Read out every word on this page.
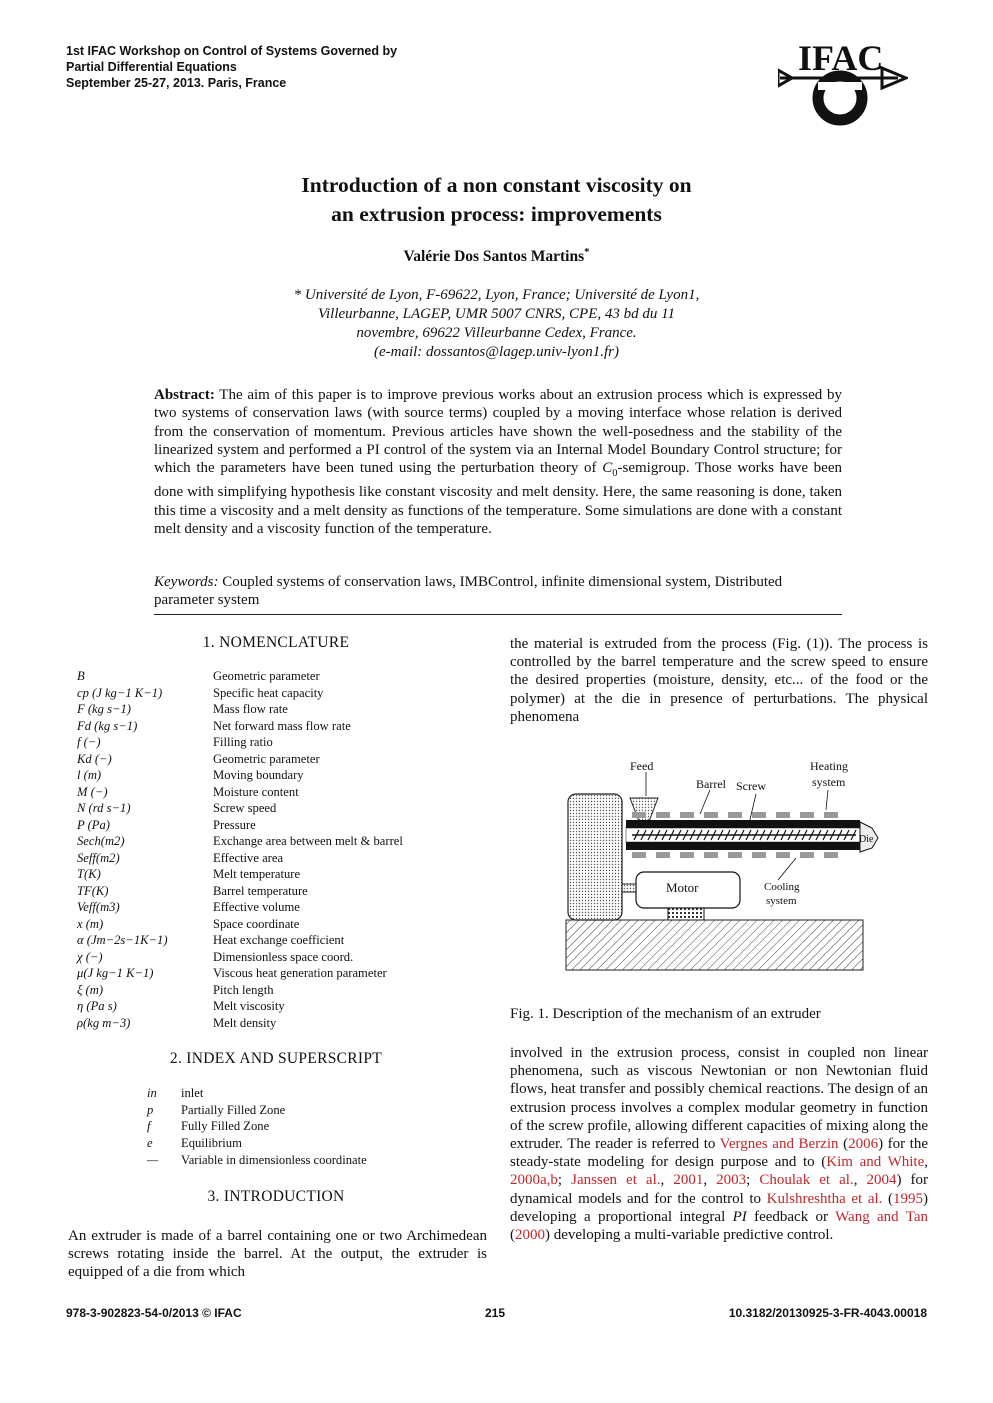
1st IFAC Workshop on Control of Systems Governed by
Partial Differential Equations
September 25-27, 2013. Paris, France
IFAC
Introduction of a non constant viscosity on
an extrusion process: improvements
Valérie Dos Santos Martins*
* Université de Lyon, F-69622, Lyon, France; Université de Lyon1,
Villeurbanne, LAGEP, UMR 5007 CNRS, CPE, 43 bd du 11
novembre, 69622 Villeurbanne Cedex, France.
(e-mail: dossantos@lagep.univ-lyon1.fr)
Abstract: The aim of this paper is to improve previous works about an extrusion process which is expressed by two systems of conservation laws (with source terms) coupled by a moving interface whose relation is derived from the conservation of momentum. Previous articles have shown the well-posedness and the stability of the linearized system and performed a PI control of the system via an Internal Model Boundary Control structure; for which the parameters have been tuned using the perturbation theory of $C_0$-semigroup. Those works have been done with simplifying hypothesis like constant viscosity and melt density. Here, the same reasoning is done, taken this time a viscosity and a melt density as functions of the temperature. Some simulations are done with a constant melt density and a viscosity function of the temperature.
Keywords: Coupled systems of conservation laws, IMBControl, infinite dimensional system, Distributed parameter system
1. NOMENCLATURE
B	Geometric parameter
cp (J kg−1 K−1)	Specific heat capacity
F (kg s−1)	Mass flow rate
Fd (kg s−1)	Net forward mass flow rate
f (−)	Filling ratio
Kd (−)	Geometric parameter
l (m)	Moving boundary
M (−)	Moisture content
N (rd s−1)	Screw speed
P (Pa)	Pressure
Sech(m2)	Exchange area between melt & barrel
Seff(m2)	Effective area
T(K)	Melt temperature
TF(K)	Barrel temperature
Veff(m3)	Effective volume
x (m)	Space coordinate
α (Jm−2s−1K−1)	Heat exchange coefficient
χ (−)	Dimensionless space coord.
μ(J kg−1 K−1)	Viscous heat generation parameter
ξ (m)	Pitch length
η (Pa s)	Melt viscosity
ρ(kg m−3)	Melt density
2. INDEX AND SUPERSCRIPT
in	inlet
p	Partially Filled Zone
f	Fully Filled Zone
e	Equilibrium
—	Variable in dimensionless coordinate
3. INTRODUCTION
An extruder is made of a barrel containing one or two Archimedean screws rotating inside the barrel. At the output, the extruder is equipped of a die from which
the material is extruded from the process (Fig. (1)). The process is controlled by the barrel temperature and the screw speed to ensure the desired properties (moisture, density, etc... of the food or the polymer) at the die in presence of perturbations. The physical phenomena
Feed
Barrel Screw
Heating
system
Die
Motor	Cooling
system
Fig. 1. Description of the mechanism of an extruder
involved in the extrusion process, consist in coupled non linear phenomena, such as viscous Newtonian or non Newtonian fluid flows, heat transfer and possibly chemical reactions. The design of an extrusion process involves a complex modular geometry in function of the screw profile, allowing different capacities of mixing along the extruder. The reader is referred to Vergnes and Berzin (2006) for the steady-state modeling for design purpose and to (Kim and White, 2000a,b; Janssen et al., 2001, 2003; Choulak et al., 2004) for dynamical models and for the control to Kulshreshtha et al. (1995) developing a proportional integral PI feedback or Wang and Tan (2000) developing a multi-variable predictive control.
978-3-902823-54-0/2013 © IFAC	215	10.3182/20130925-3-FR-4043.00018
